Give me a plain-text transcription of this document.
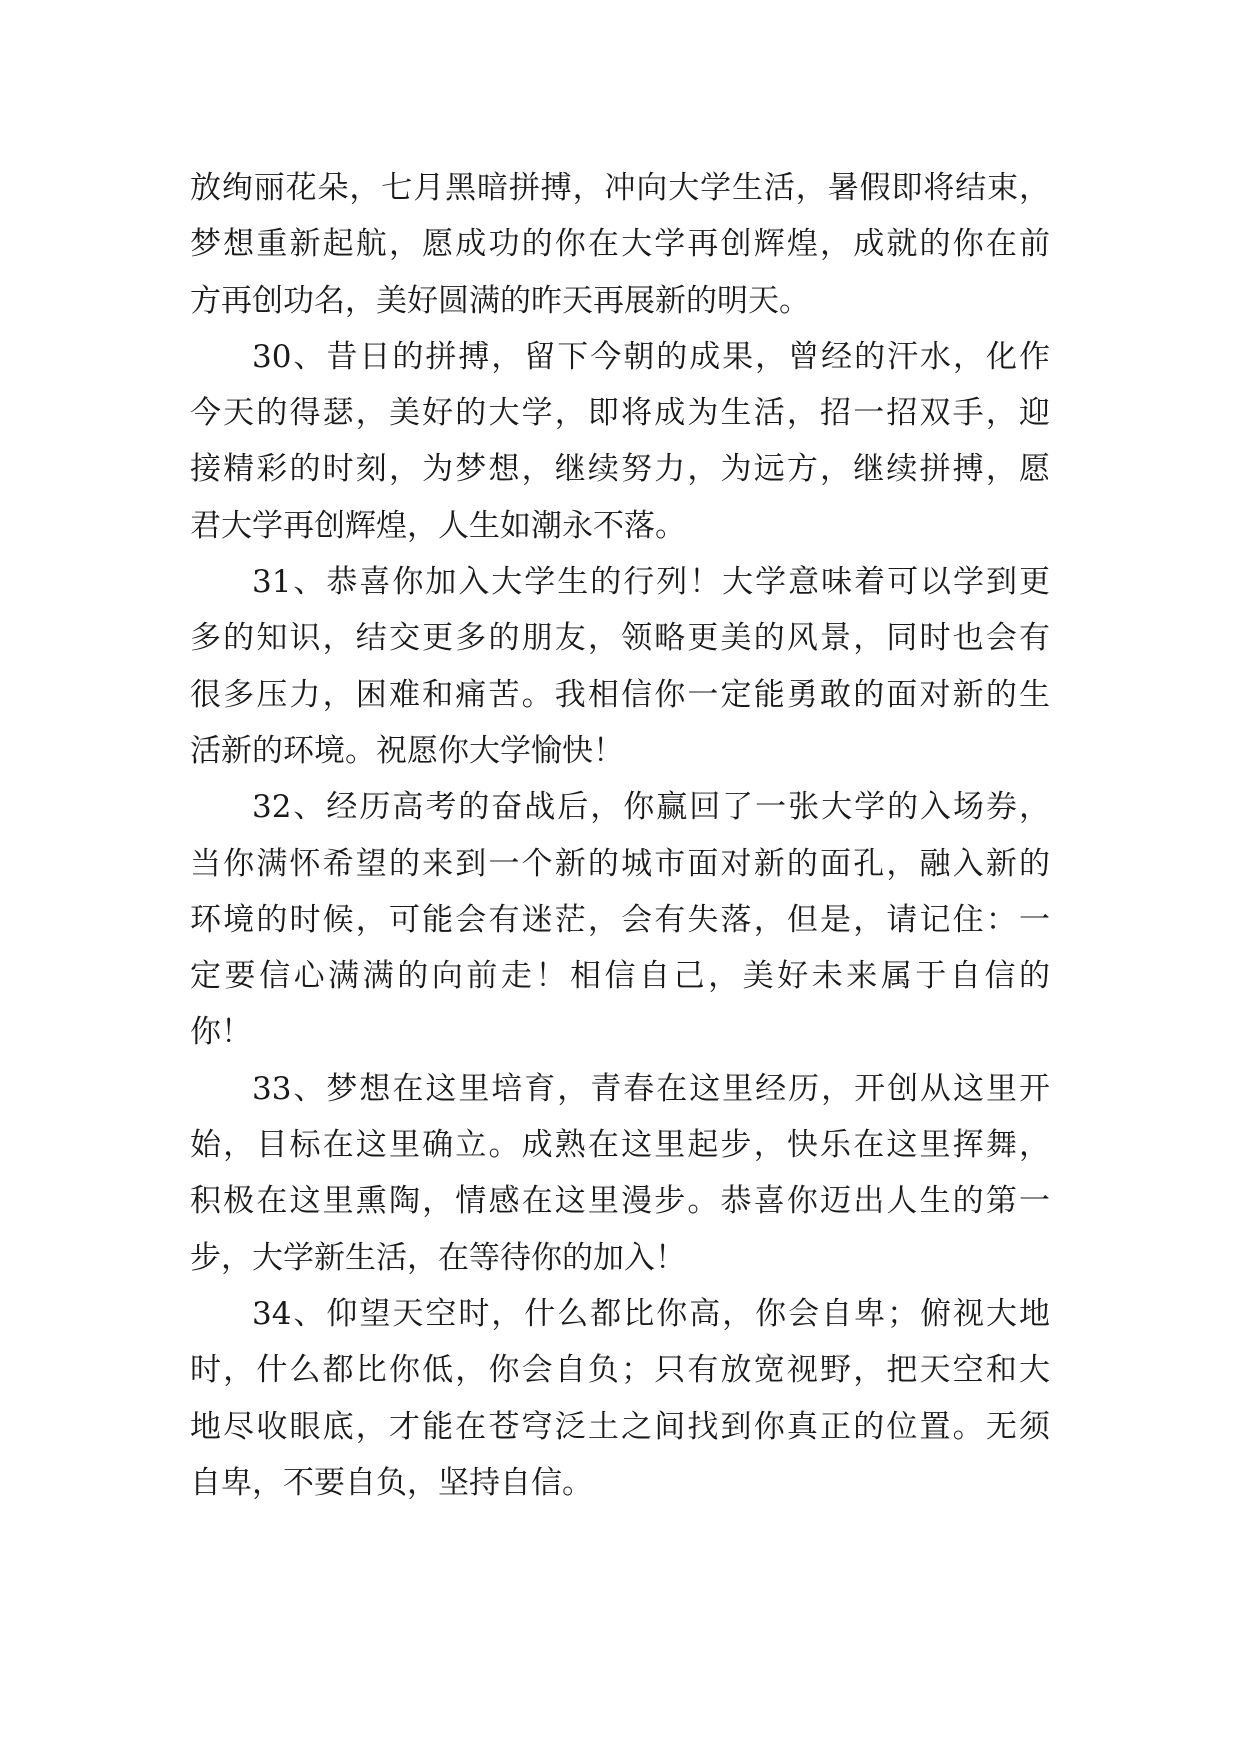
放绚丽花朵，七月黑暗拼搏，冲向大学生活，暑假即将结束，
梦想重新起航，愿成功的你在大学再创辉煌，成就的你在前
方再创功名，美好圆满的昨天再展新的明天。
30、昔日的拼搏，留下今朝的成果，曾经的汗水，化作
今天的得瑟，美好的大学，即将成为生活，招一招双手，迎
接精彩的时刻，为梦想，继续努力，为远方，继续拼搏，愿
君大学再创辉煌，人生如潮永不落。
31、恭喜你加入大学生的行列！大学意味着可以学到更
多的知识，结交更多的朋友，领略更美的风景，同时也会有
很多压力，困难和痛苦。我相信你一定能勇敢的面对新的生
活新的环境。祝愿你大学愉快！
32、经历高考的奋战后，你赢回了一张大学的入场券，
当你满怀希望的来到一个新的城市面对新的面孔，融入新的
环境的时候，可能会有迷茫，会有失落，但是，请记住：一
定要信心满满的向前走！相信自己，美好未来属于自信的
你！
33、梦想在这里培育，青春在这里经历，开创从这里开
始，目标在这里确立。成熟在这里起步，快乐在这里挥舞，
积极在这里熏陶，情感在这里漫步。恭喜你迈出人生的第一
步，大学新生活，在等待你的加入！
34、仰望天空时，什么都比你高，你会自卑；俯视大地
时，什么都比你低，你会自负；只有放宽视野，把天空和大
地尽收眼底，才能在苍穹泛土之间找到你真正的位置。无须
自卑，不要自负，坚持自信。
